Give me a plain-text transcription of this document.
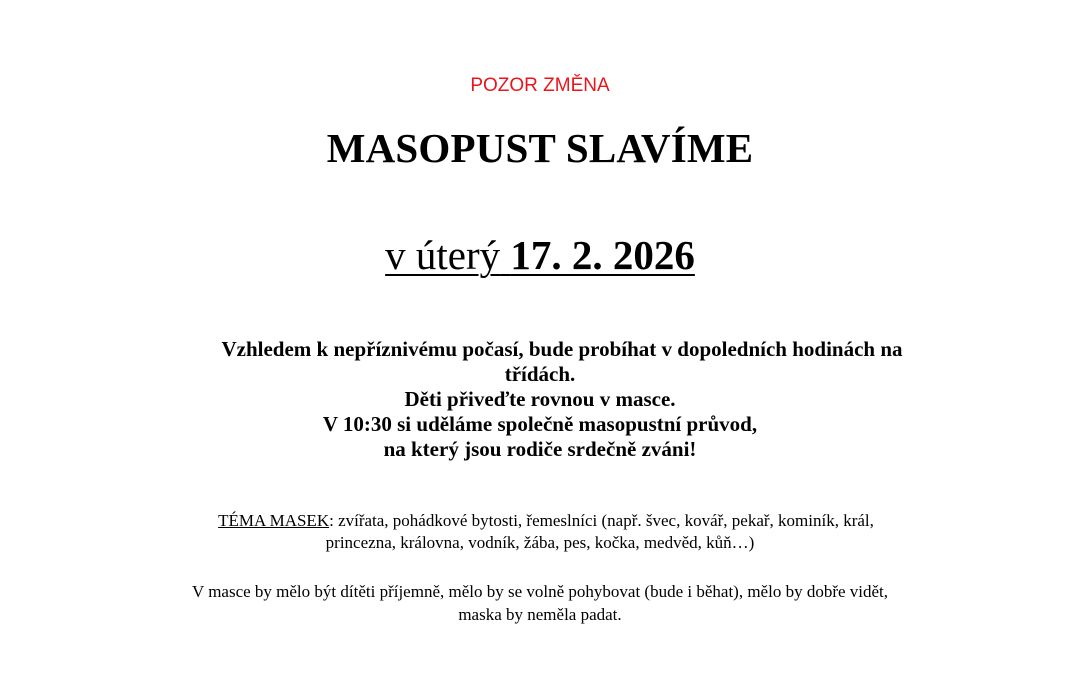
POZOR ZMĚNA
MASOPUST SLAVÍME
v úterý 17. 2. 2026
Vzhledem k nepříznivému počasí, bude probíhat v dopoledních hodinách na
třídách.
Děti přiveďte rovnou v masce.
V 10:30 si uděláme společně masopustní průvod,
na který jsou rodiče srdečně zváni!
TÉMA MASEK: zvířata, pohádkové bytosti, řemeslníci (např. švec, kovář, pekař, kominík, král,
princezna, královna, vodník, žába, pes, kočka, medvěd, kůň…)
V masce by mělo být dítěti příjemně, mělo by se volně pohybovat (bude i běhat), mělo by dobře vidět,
maska by neměla padat.
